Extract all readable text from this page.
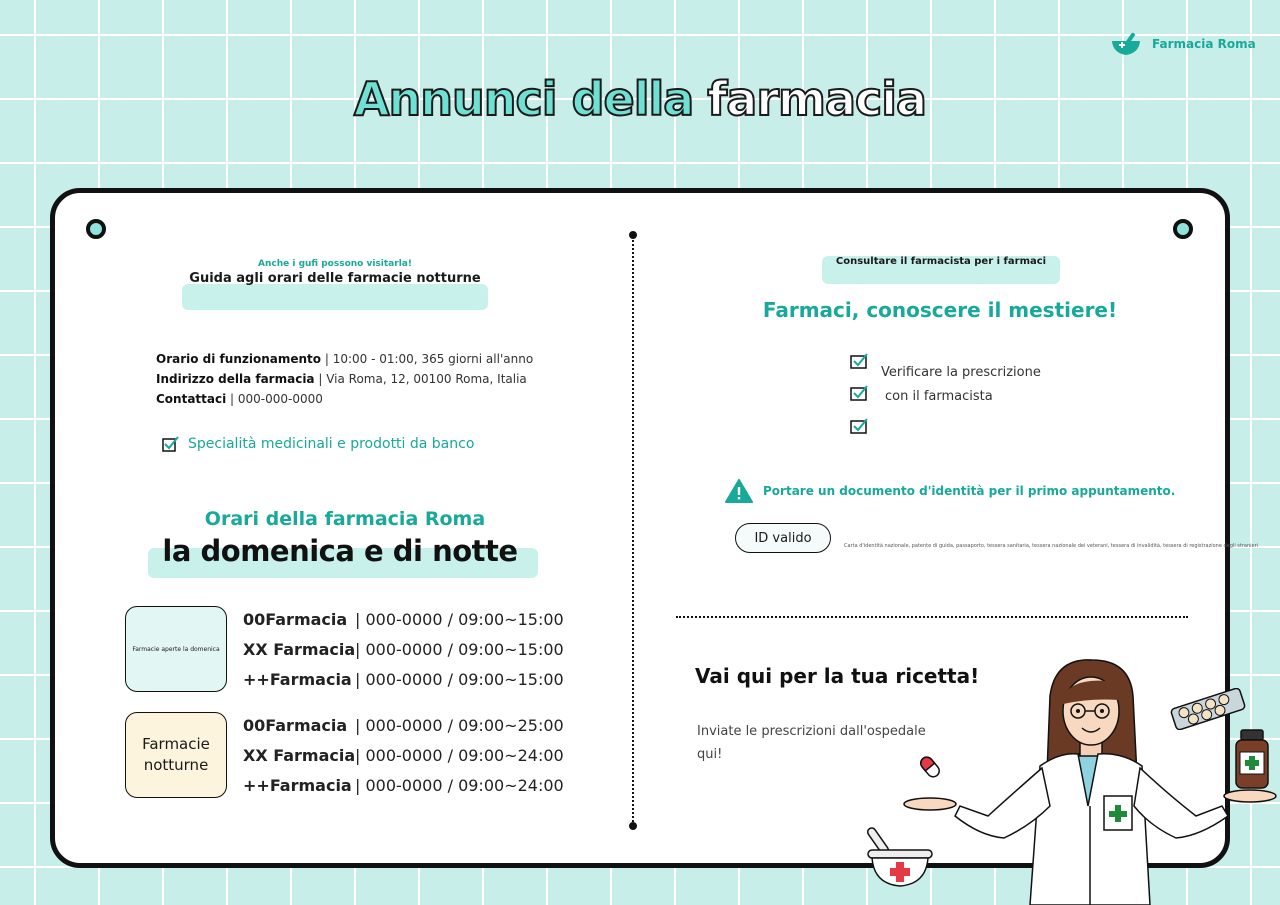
Farmacia Roma
Annunci della farmacia
Anche i gufi possono visitarla!
Guida agli orari delle farmacie notturne
Orario di funzionamento | 10:00 - 01:00, 365 giorni all'anno
Indirizzo della farmacia | Via Roma, 12, 00100 Roma, Italia
Contattaci | 000-000-0000
Specialità medicinali e prodotti da banco
Orari della farmacia Roma
la domenica e di notte
Farmacie aperte la domenica
00Farmacia | 000-0000 / 09:00~15:00
XX Farmacia| 000-0000 / 09:00~15:00
++Farmacia | 000-0000 / 09:00~15:00
Farmacie notturne
00Farmacia | 000-0000 / 09:00~25:00
XX Farmacia| 000-0000 / 09:00~24:00
++Farmacia | 000-0000 / 09:00~24:00
Consultare il farmacista per i farmaci
Farmaci, conoscere il mestiere!
Verificare la prescrizione
con il farmacista
Portare un documento d'identità per il primo appuntamento.
ID valido
Carta d'identità nazionale, patente di guida, passaporto, tessera sanitaria, tessera nazionale dei veterani, tessera di invalidità, tessera di registrazione degli stranieri
Vai qui per la tua ricetta!
Inviate le prescrizioni dall'ospedale
qui!
